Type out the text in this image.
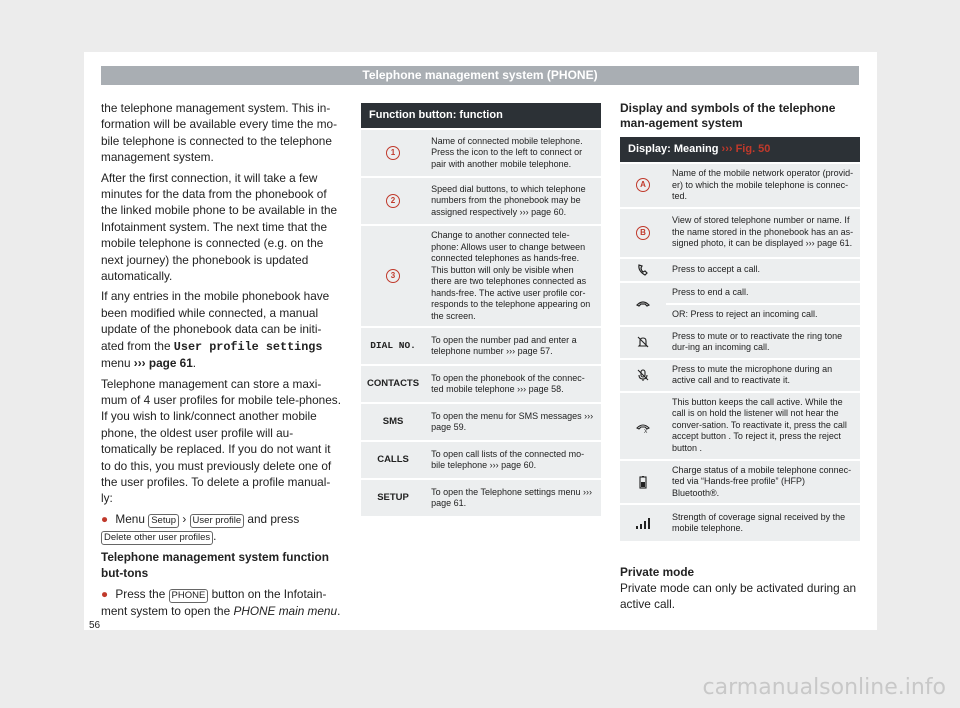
Telephone management system (PHONE)

the telephone management system. This in-formation will be available every time the mo-bile telephone is connected to the telephone management system.

After the first connection, it will take a few minutes for the data from the phonebook of the linked mobile phone to be available in the Infotainment system. The next time that the mobile telephone is connected (e.g. on the next journey) the phonebook is updated automatically.

If any entries in the mobile phonebook have been modified while connected, a manual update of the phonebook data can be initi-ated from the User profile settings menu ››› page 61.

Telephone management can store a maxi-mum of 4 user profiles for mobile tele-phones. If you wish to link/connect another mobile phone, the oldest user profile will au-tomatically be replaced. If you do not want it to do this, you must previously delete one of the user profiles. To delete a profile manual-ly:

● Menu Setup › User profile and press Delete other user profiles .

Telephone management system function but-tons

● Press the PHONE button on the Infotain-ment system to open the PHONE main menu.

Function button: function	
1	Name of connected mobile telephone. Press the icon to the left to connect or pair with another mobile telephone.
2	Speed dial buttons, to which telephone numbers from the phonebook may be assigned respectively ››› page 60.
3	Change to another connected tele-phone: Allows user to change between connected telephones as hands-free. This button will only be visible when there are two telephones connected as hands-free. The active user profile cor-responds to the telephone appearing on the screen.
DIAL NO.	To open the number pad and enter a telephone number ››› page 57.
CONTACTS	To open the phonebook of the connec-ted mobile telephone ››› page 58.
SMS	To open the menu for SMS messages ››› page 59.
CALLS	To open call lists of the connected mo-bile telephone ››› page 60.
SETUP	To open the Telephone settings menu ››› page 61.
Display and symbols of the telephone man-agement system
Display: Meaning ››› Fig. 50	
A	Name of the mobile network operator (provid-er) to which the mobile telephone is connec-ted.
B	View of stored telephone number or name. If the name stored in the phonebook has an as-signed photo, it can be displayed ››› page 61.
	Press to accept a call.
	Press to end a call.
	OR: Press to reject an incoming call.
	Press to mute or to reactivate the ring tone dur-ing an incoming call.
	Press to mute the microphone during an active call and to reactivate it.

X	This button keeps the call active. While the call is on hold the listener will not hear the conver-sation. To reactivate it, press the call accept button . To reject it, press the reject button .
	Charge status of a mobile telephone connec-ted via “Hands-free profile” (HFP) Bluetooth®.
	Strength of coverage signal received by the mobile telephone.
Private mode
Private mode can only be activated during an active call.
56
carmanualsonline.info
